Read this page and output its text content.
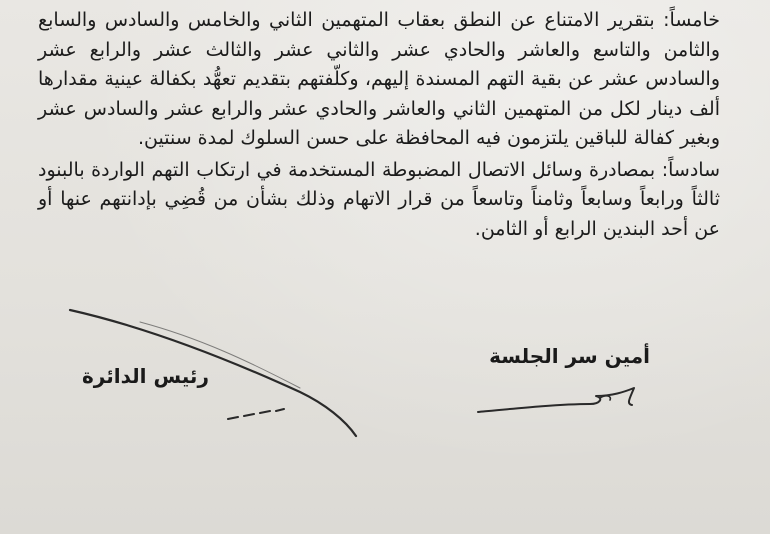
خامساً: بتقرير الامتناع عن النطق بعقاب المتهمين الثاني والخامس والسادس والسابع والثامن والتاسع والعاشر والحادي عشر والثاني عشر والثالث عشر والرابع عشر والسادس عشر عن بقية التهم المسندة إليهم، وكلّفتهم بتقديم تعهُّد بكفالة عينية مقدارها ألف دينار لكل من المتهمين الثاني والعاشر والحادي عشر والرابع عشر والسادس عشر وبغير كفالة للباقين يلتزمون فيه المحافظة على حسن السلوك لمدة سنتين.

سادساً: بمصادرة وسائل الاتصال المضبوطة المستخدمة في ارتكاب التهم الواردة بالبنود ثالثاً ورابعاً وسابعاً وثامناً وتاسعاً من قرار الاتهام وذلك بشأن من قُضِي بإدانتهم عنها أو عن أحد البندين الرابع أو الثامن.

أمين سر الجلسة
رئيس الدائرة
